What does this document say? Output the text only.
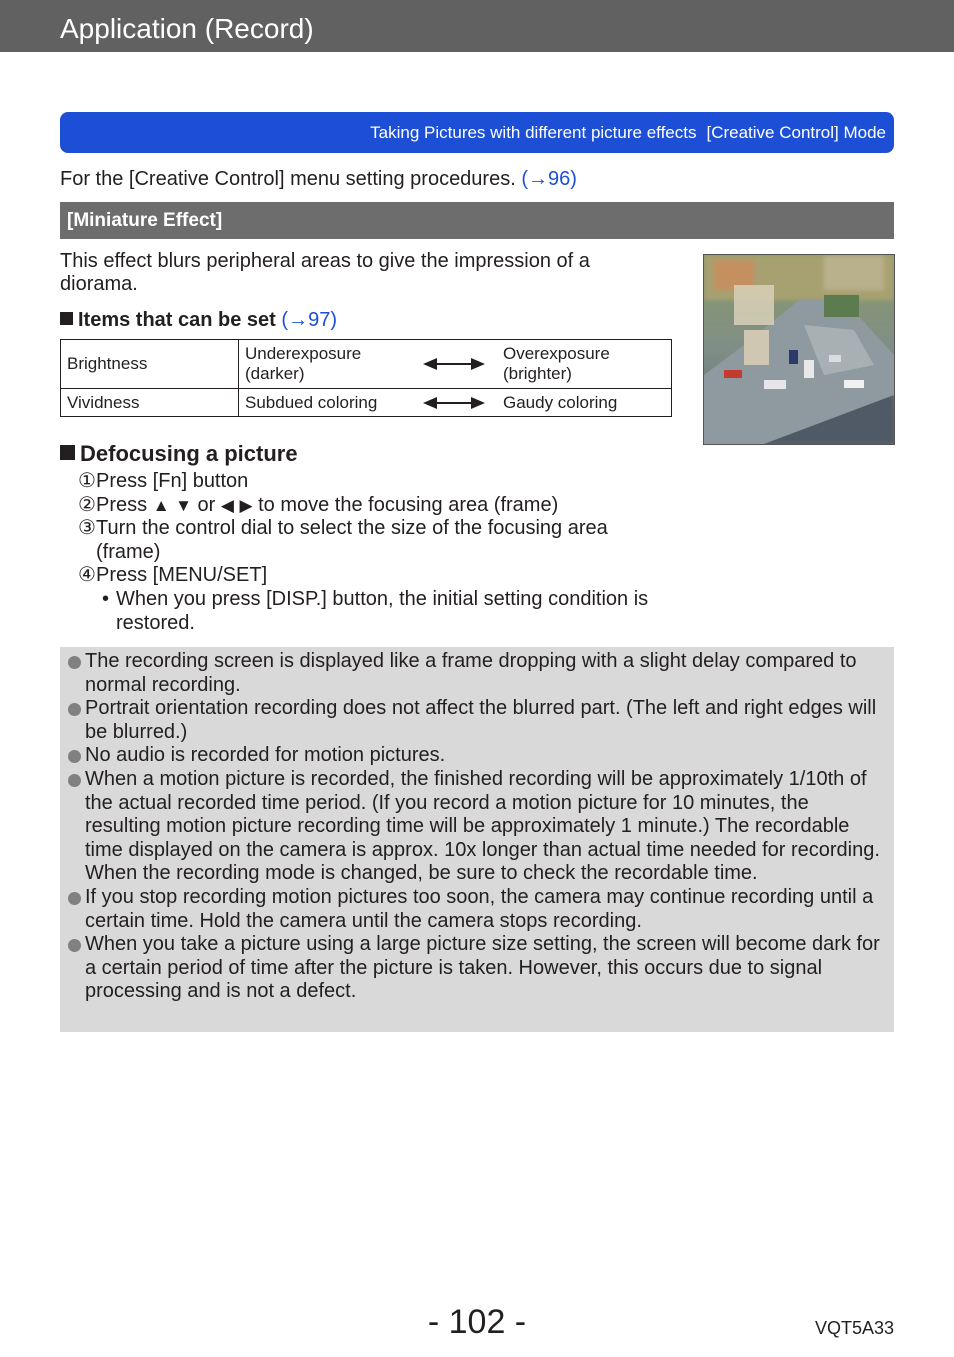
Application (Record)
Taking Pictures with different picture effects [Creative Control] Mode
For the [Creative Control] menu setting procedures. (→96)
[Miniature Effect]
This effect blurs peripheral areas to give the impression of a diorama.
Items that can be set (→97)
Brightness	Underexposure (darker)	Overexposure (brighter)
Vividness	Subdued coloring	Gaudy coloring
Defocusing a picture
① Press [Fn] button
② Press ▲ ▼ or ◀ ▶ to move the focusing area (frame)
③ Turn the control dial to select the size of the focusing area (frame)
④ Press [MENU/SET]
• When you press [DISP.] button, the initial setting condition is restored.
The recording screen is displayed like a frame dropping with a slight delay compared to normal recording.
Portrait orientation recording does not affect the blurred part. (The left and right edges will be blurred.)
No audio is recorded for motion pictures.
When a motion picture is recorded, the finished recording will be approximately 1/10th of the actual recorded time period. (If you record a motion picture for 10 minutes, the resulting motion picture recording time will be approximately 1 minute.) The recordable time displayed on the camera is approx. 10x longer than actual time needed for recording. When the recording mode is changed, be sure to check the recordable time.
If you stop recording motion pictures too soon, the camera may continue recording until a certain time. Hold the camera until the camera stops recording.
When you take a picture using a large picture size setting, the screen will become dark for a certain period of time after the picture is taken. However, this occurs due to signal processing and is not a defect.
- 102 -	VQT5A33
